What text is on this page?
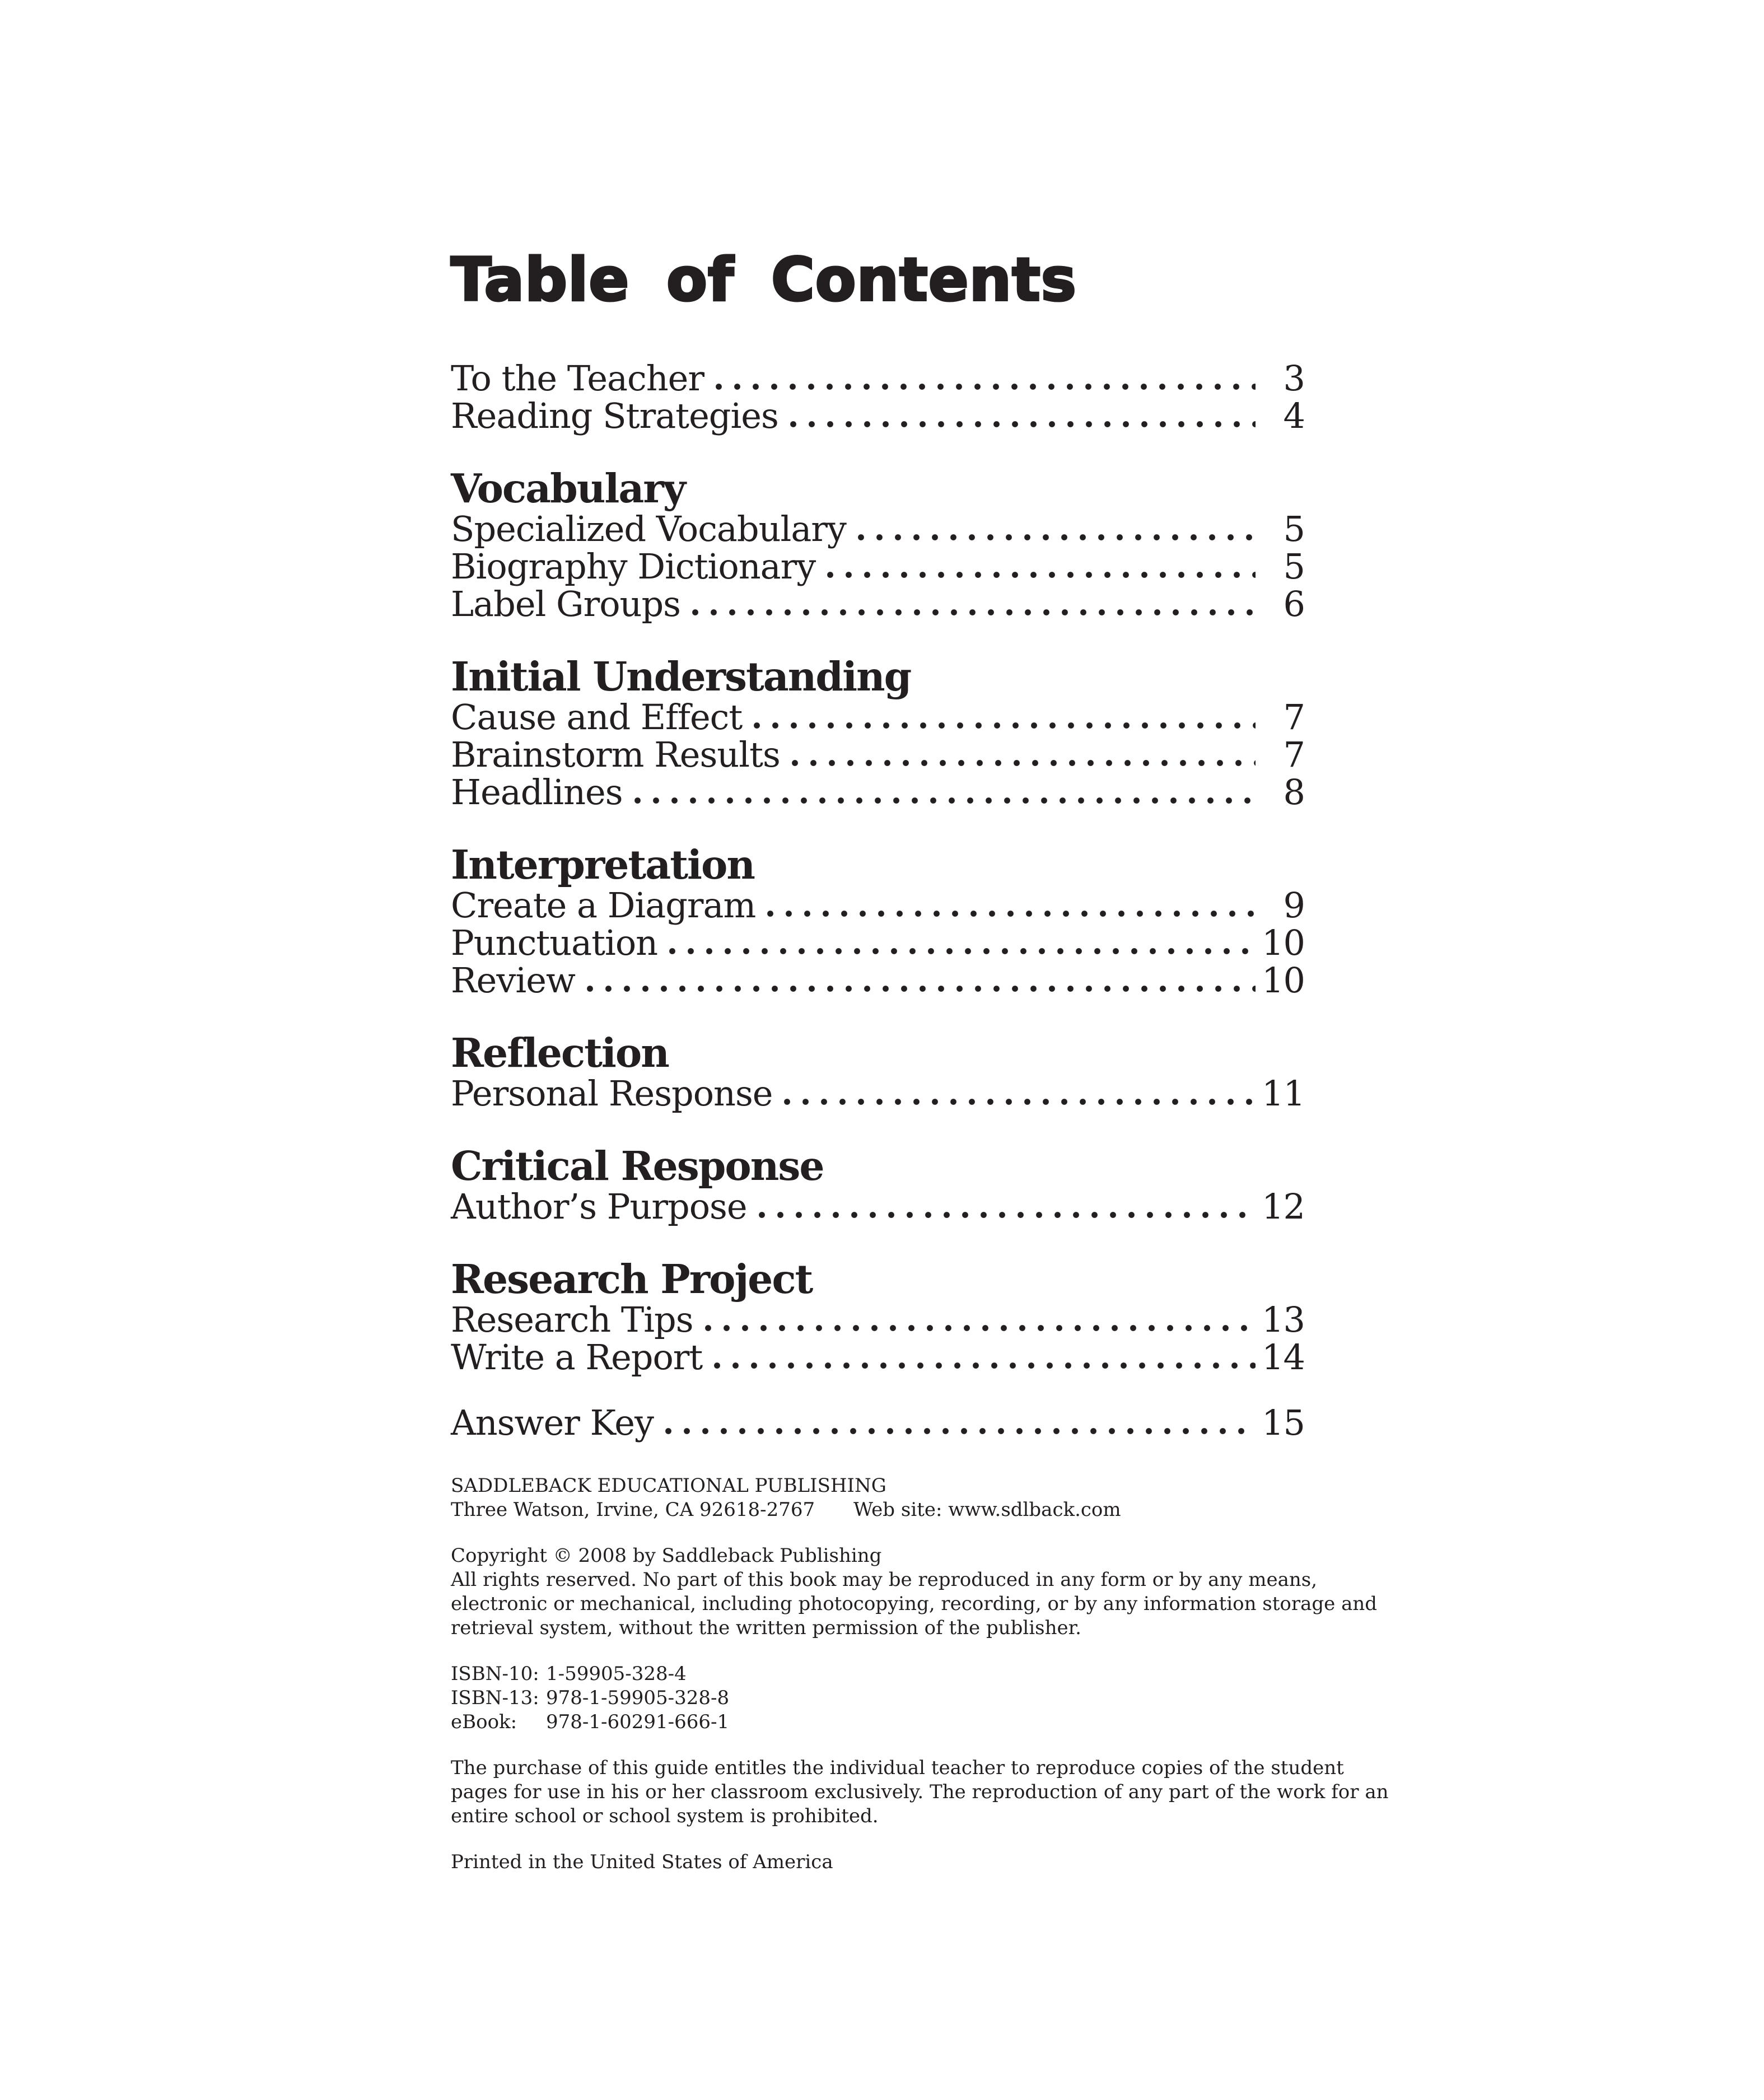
Table of Contents
To the Teacher	3
Reading Strategies	4
Vocabulary
Specialized Vocabulary	5
Biography Dictionary	5
Label Groups	6
Initial Understanding
Cause and Effect	7
Brainstorm Results	7
Headlines	8
Interpretation
Create a Diagram	9
Punctuation	10
Review	10
Reflection
Personal Response	11
Critical Response
Author’s Purpose	12
Research Project
Research Tips	13
Write a Report	14
Answer Key	15
SADDLEBACK EDUCATIONAL PUBLISHING
Three Watson, Irvine, CA 92618-2767 Web site: www.sdlback.com
Copyright © 2008 by Saddleback Publishing
All rights reserved. No part of this book may be reproduced in any form or by any means, electronic or mechanical, including photocopying, recording, or by any information storage and retrieval system, without the written permission of the publisher.
ISBN-10: 1-59905-328-4
ISBN-13: 978-1-59905-328-8
eBook:	978-1-60291-666-1
The purchase of this guide entitles the individual teacher to reproduce copies of the student pages for use in his or her classroom exclusively. The reproduction of any part of the work for an entire school or school system is prohibited.
Printed in the United States of America
